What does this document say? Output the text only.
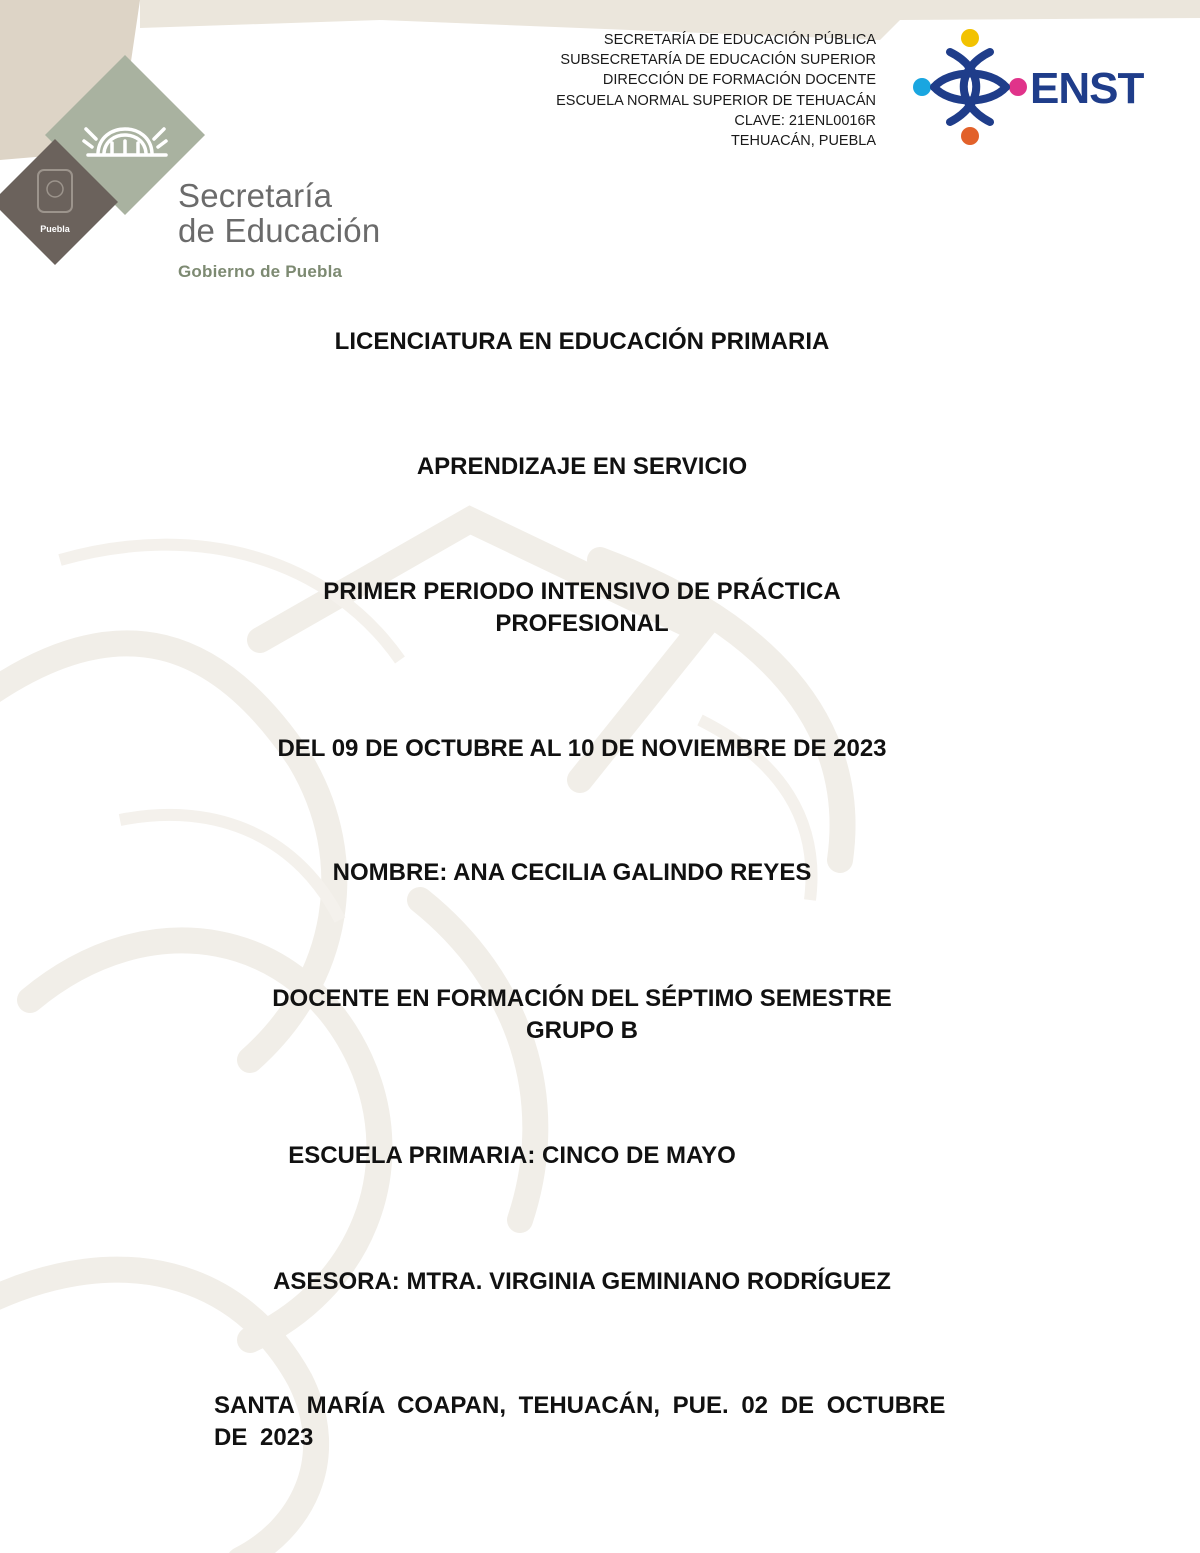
Puebla
Secretaría
de Educación
Gobierno de Puebla
SECRETARÍA DE EDUCACIÓN PÚBLICA
SUBSECRETARÍA DE EDUCACIÓN SUPERIOR
DIRECCIÓN DE FORMACIÓN DOCENTE
ESCUELA NORMAL SUPERIOR DE TEHUACÁN
CLAVE: 21ENL0016R
TEHUACÁN, PUEBLA
ENST
LICENCIATURA EN EDUCACIÓN PRIMARIA
APRENDIZAJE EN SERVICIO
PRIMER PERIODO INTENSIVO DE PRÁCTICA
PROFESIONAL
DEL 09 DE OCTUBRE AL 10 DE NOVIEMBRE DE 2023
NOMBRE: ANA CECILIA GALINDO REYES
DOCENTE EN FORMACIÓN DEL SÉPTIMO SEMESTRE
GRUPO B
ESCUELA PRIMARIA: CINCO DE MAYO
ASESORA: MTRA. VIRGINIA GEMINIANO RODRÍGUEZ
SANTA MARÍA COAPAN, TEHUACÁN, PUE. 02 DE OCTUBRE DE 2023
